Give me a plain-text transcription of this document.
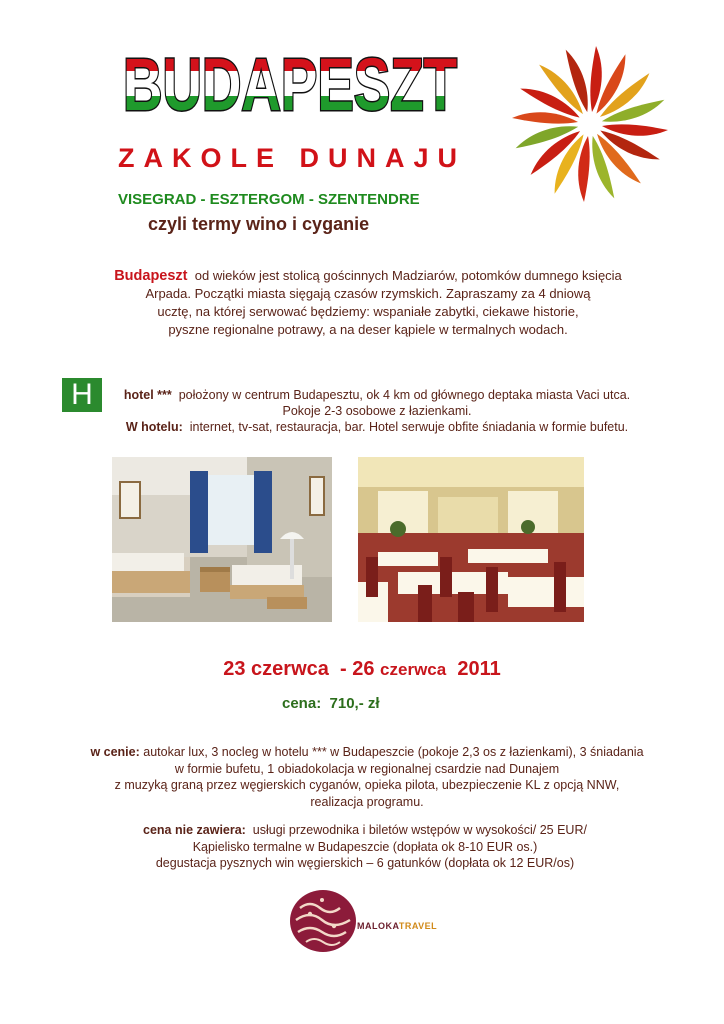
BUDAPESZT
ZAKOLE DUNAJU
VISEGRAD - ESZTERGOM - SZENTENDRE
czyli termy wino i cyganie
Budapeszt od wieków jest stolicą gościnnych Madziarów, potomków dumnego księcia
Arpada. Początki miasta sięgają czasów rzymskich. Zapraszamy za 4 dniową
ucztę, na której serwować będziemy: wspaniałe zabytki, ciekawe historie,
pyszne regionalne potrawy, a na deser kąpiele w termalnych wodach.
H	hotel *** położony w centrum Budapesztu, ok 4 km od głównego deptaka miasta Vaci utca.
Pokoje 2-3 osobowe z łazienkami.
W hotelu: internet, tv-sat, restauracja, bar. Hotel serwuje obfite śniadania w formie bufetu.
23 czerwca - 26 czerwca 2011
cena: 710,- zł
w cenie: autokar lux, 3 nocleg w hotelu *** w Budapeszcie (pokoje 2,3 os z łazienkami), 3 śniadania
w formie bufetu, 1 obiadokolacja w regionalnej csardzie nad Dunajem
z muzyką graną przez węgierskich cyganów, opieka pilota, ubezpieczenie KL z opcją NNW,
realizacja programu.
cena nie zawiera: usługi przewodnika i biletów wstępów w wysokości/ 25 EUR/
Kąpielisko termalne w Budapeszcie (dopłata ok 8-10 EUR os.)
degustacja pysznych win węgierskich – 6 gatunków (dopłata ok 12 EUR/os)
MALOKATRAVEL
